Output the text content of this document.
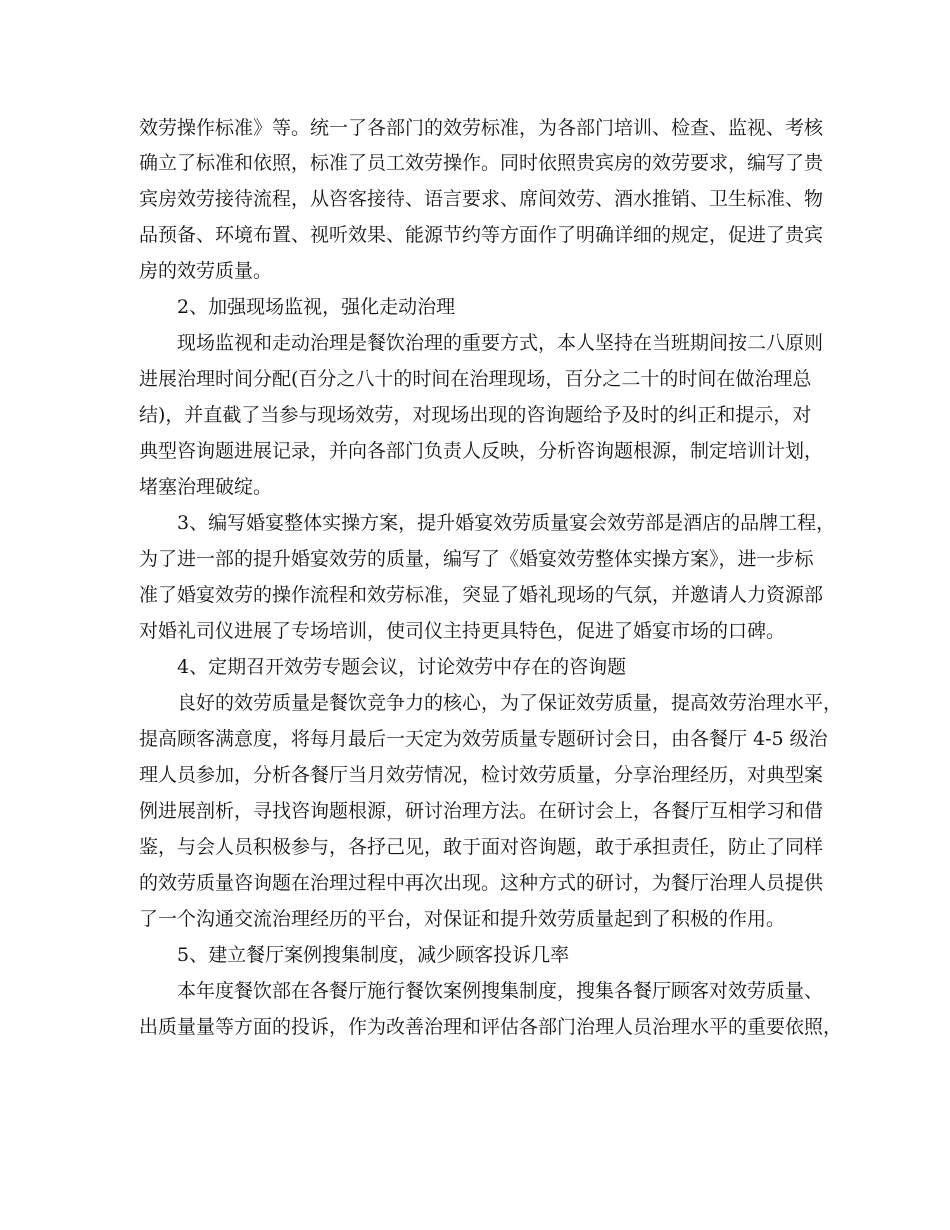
效劳操作标准》等。统一了各部门的效劳标准，为各部门培训、检查、监视、考核
确立了标准和依照，标准了员工效劳操作。同时依照贵宾房的效劳要求，编写了贵
宾房效劳接待流程，从咨客接待、语言要求、席间效劳、酒水推销、卫生标准、物
品预备、环境布置、视听效果、能源节约等方面作了明确详细的规定，促进了贵宾
房的效劳质量。
2、加强现场监视，强化走动治理
现场监视和走动治理是餐饮治理的重要方式，本人坚持在当班期间按二八原则
进展治理时间分配(百分之八十的时间在治理现场，百分之二十的时间在做治理总
结)，并直截了当参与现场效劳，对现场出现的咨询题给予及时的纠正和提示，对
典型咨询题进展记录，并向各部门负责人反映，分析咨询题根源，制定培训计划，
堵塞治理破绽。
3、编写婚宴整体实操方案，提升婚宴效劳质量宴会效劳部是酒店的品牌工程，
为了进一部的提升婚宴效劳的质量，编写了《婚宴效劳整体实操方案》，进一步标
准了婚宴效劳的操作流程和效劳标准，突显了婚礼现场的气氛，并邀请人力资源部
对婚礼司仪进展了专场培训，使司仪主持更具特色，促进了婚宴市场的口碑。
4、定期召开效劳专题会议，讨论效劳中存在的咨询题
良好的效劳质量是餐饮竞争力的核心，为了保证效劳质量，提高效劳治理水平，
提高顾客满意度，将每月最后一天定为效劳质量专题研讨会日，由各餐厅 4-5 级治
理人员参加，分析各餐厅当月效劳情况，检讨效劳质量，分享治理经历，对典型案
例进展剖析，寻找咨询题根源，研讨治理方法。在研讨会上，各餐厅互相学习和借
鉴，与会人员积极参与，各抒己见，敢于面对咨询题，敢于承担责任，防止了同样
的效劳质量咨询题在治理过程中再次出现。这种方式的研讨，为餐厅治理人员提供
了一个沟通交流治理经历的平台，对保证和提升效劳质量起到了积极的作用。
5、建立餐厅案例搜集制度，减少顾客投诉几率
本年度餐饮部在各餐厅施行餐饮案例搜集制度，搜集各餐厅顾客对效劳质量、
出质量量等方面的投诉，作为改善治理和评估各部门治理人员治理水平的重要依照，
